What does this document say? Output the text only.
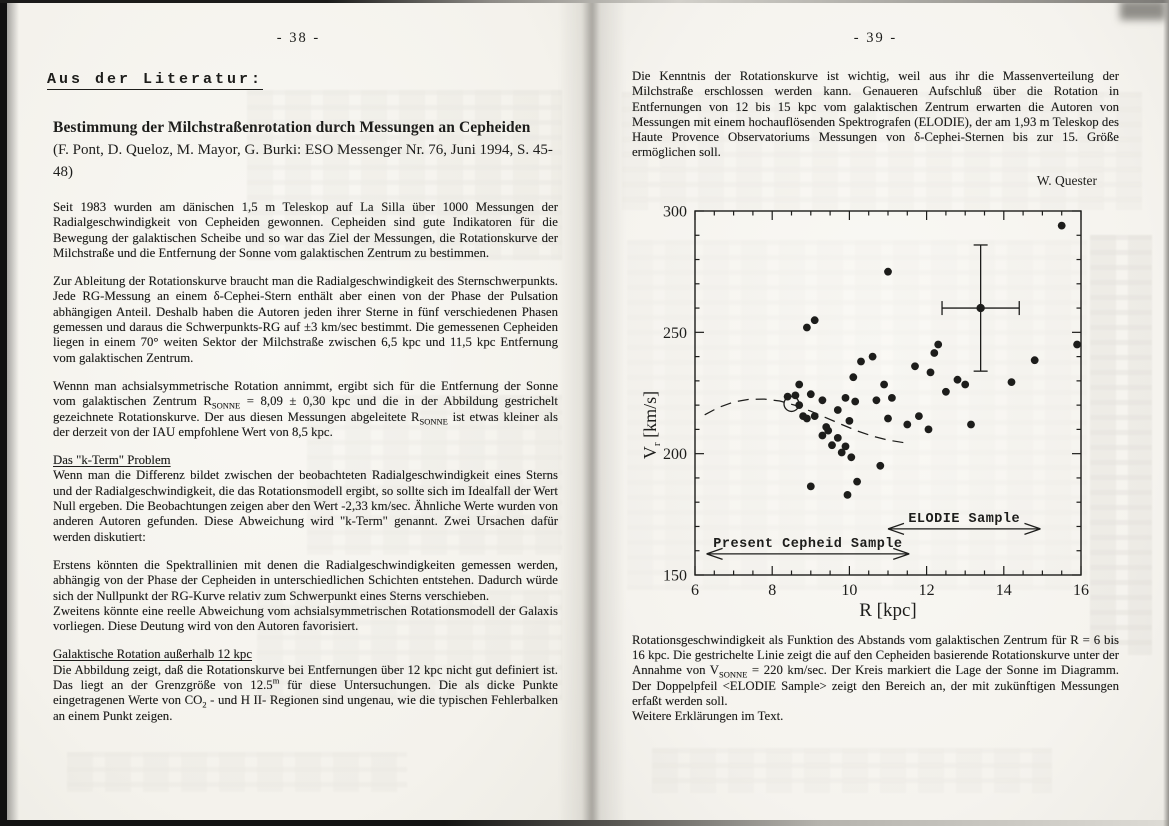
- 38 -

Aus der Literatur:

Bestimmung der Milchstraßenrotation durch Messungen an Cepheiden

(F. Pont, D. Queloz, M. Mayor, G. Burki: ESO Messenger Nr. 76, Juni 1994, S. 45-48)

Seit 1983 wurden am dänischen 1,5 m Teleskop auf La Silla über 1000 Messungen der Radialgeschwindigkeit von Cepheiden gewonnen. Cepheiden sind gute Indikatoren für die Bewegung der galaktischen Scheibe und so war das Ziel der Messungen, die Rotationskurve der Milchstraße und die Entfernung der Sonne vom galaktischen Zentrum zu bestimmen.

Zur Ableitung der Rotationskurve braucht man die Radialgeschwindigkeit des Sternschwerpunkts. Jede RG-Messung an einem δ-Cephei-Stern enthält aber einen von der Phase der Pulsation abhängigen Anteil. Deshalb haben die Autoren jeden ihrer Sterne in fünf verschiedenen Phasen gemessen und daraus die Schwerpunkts-RG auf ±3 km/sec bestimmt. Die gemessenen Cepheiden liegen in einem 70° weiten Sektor der Milchstraße zwischen 6,5 kpc und 11,5 kpc Entfernung vom galaktischen Zentrum.

Wennn man achsialsymmetrische Rotation annimmt, ergibt sich für die Entfernung der Sonne vom galaktischen Zentrum $R_{SONNE} = 8,09 \pm 0,30$ kpc und die in der Abbildung gestrichelt gezeichnete Rotationskurve. Der aus diesen Messungen abgeleitete $R_{SONNE}$ ist etwas kleiner als der derzeit von der IAU empfohlene Wert von 8,5 kpc.

Das "k-Term" Problem

Wenn man die Differenz bildet zwischen der beobachteten Radialgeschwindigkeit eines Sterns und der Radialgeschwindigkeit, die das Rotationsmodell ergibt, so sollte sich im Idealfall der Wert Null ergeben. Die Beobachtungen zeigen aber den Wert -2,33 km/sec. Ähnliche Werte wurden von anderen Autoren gefunden. Diese Abweichung wird "k-Term" genannt. Zwei Ursachen dafür werden diskutiert:

Erstens könnten die Spektrallinien mit denen die Radialgeschwindigkeiten gemessen werden, abhängig von der Phase der Cepheiden in unterschiedlichen Schichten entstehen. Dadurch würde sich der Nullpunkt der RG-Kurve relativ zum Schwerpunkt eines Sterns verschieben.

Zweitens könnte eine reelle Abweichung vom achsialsymmetrischen Rotationsmodell der Galaxis vorliegen. Diese Deutung wird von den Autoren favorisiert.

Galaktische Rotation außerhalb 12 kpc

Die Abbildung zeigt, daß die Rotationskurve bei Entfernungen über 12 kpc nicht gut definiert ist. Das liegt an der Grenzgröße von 12.5$^m$ für diese Untersuchungen. Die als dicke Punkte eingetragenen Werte von $CO_2$ - und H II- Regionen sind ungenau, wie die typischen Fehlerbalken an einem Punkt zeigen.

- 39 -

Die Kenntnis der Rotationskurve ist wichtig, weil aus ihr die Massenverteilung der Milchstraße erschlossen werden kann. Genaueren Aufschluß über die Rotation in Entfernungen von 12 bis 15 kpc vom galaktischen Zentrum erwarten die Autoren von Messungen mit einem hochauflösenden Spektrografen (ELODIE), der am 1,93 m Teleskop des Haute Provence Observatoriums Messungen von δ-Cephei-Sternen bis zur 15. Größe ermöglichen soll.

W. Quester

6	8	10	12	14	16
150
200
250
300
R [kpc]
$V_r$ [km/s]
ELODIE Sample
Present Cepheid Sample

Rotationsgeschwindigkeit als Funktion des Abstands vom galaktischen Zentrum für R = 6 bis 16 kpc. Die gestrichelte Linie zeigt die auf den Cepheiden basierende Rotationskurve unter der Annahme von $V_{SONNE} = 220$ km/sec. Der Kreis markiert die Lage der Sonne im Diagramm. Der Doppelpfeil <ELODIE Sample> zeigt den Bereich an, der mit zukünftigen Messungen erfaßt werden soll.

Weitere Erklärungen im Text.
